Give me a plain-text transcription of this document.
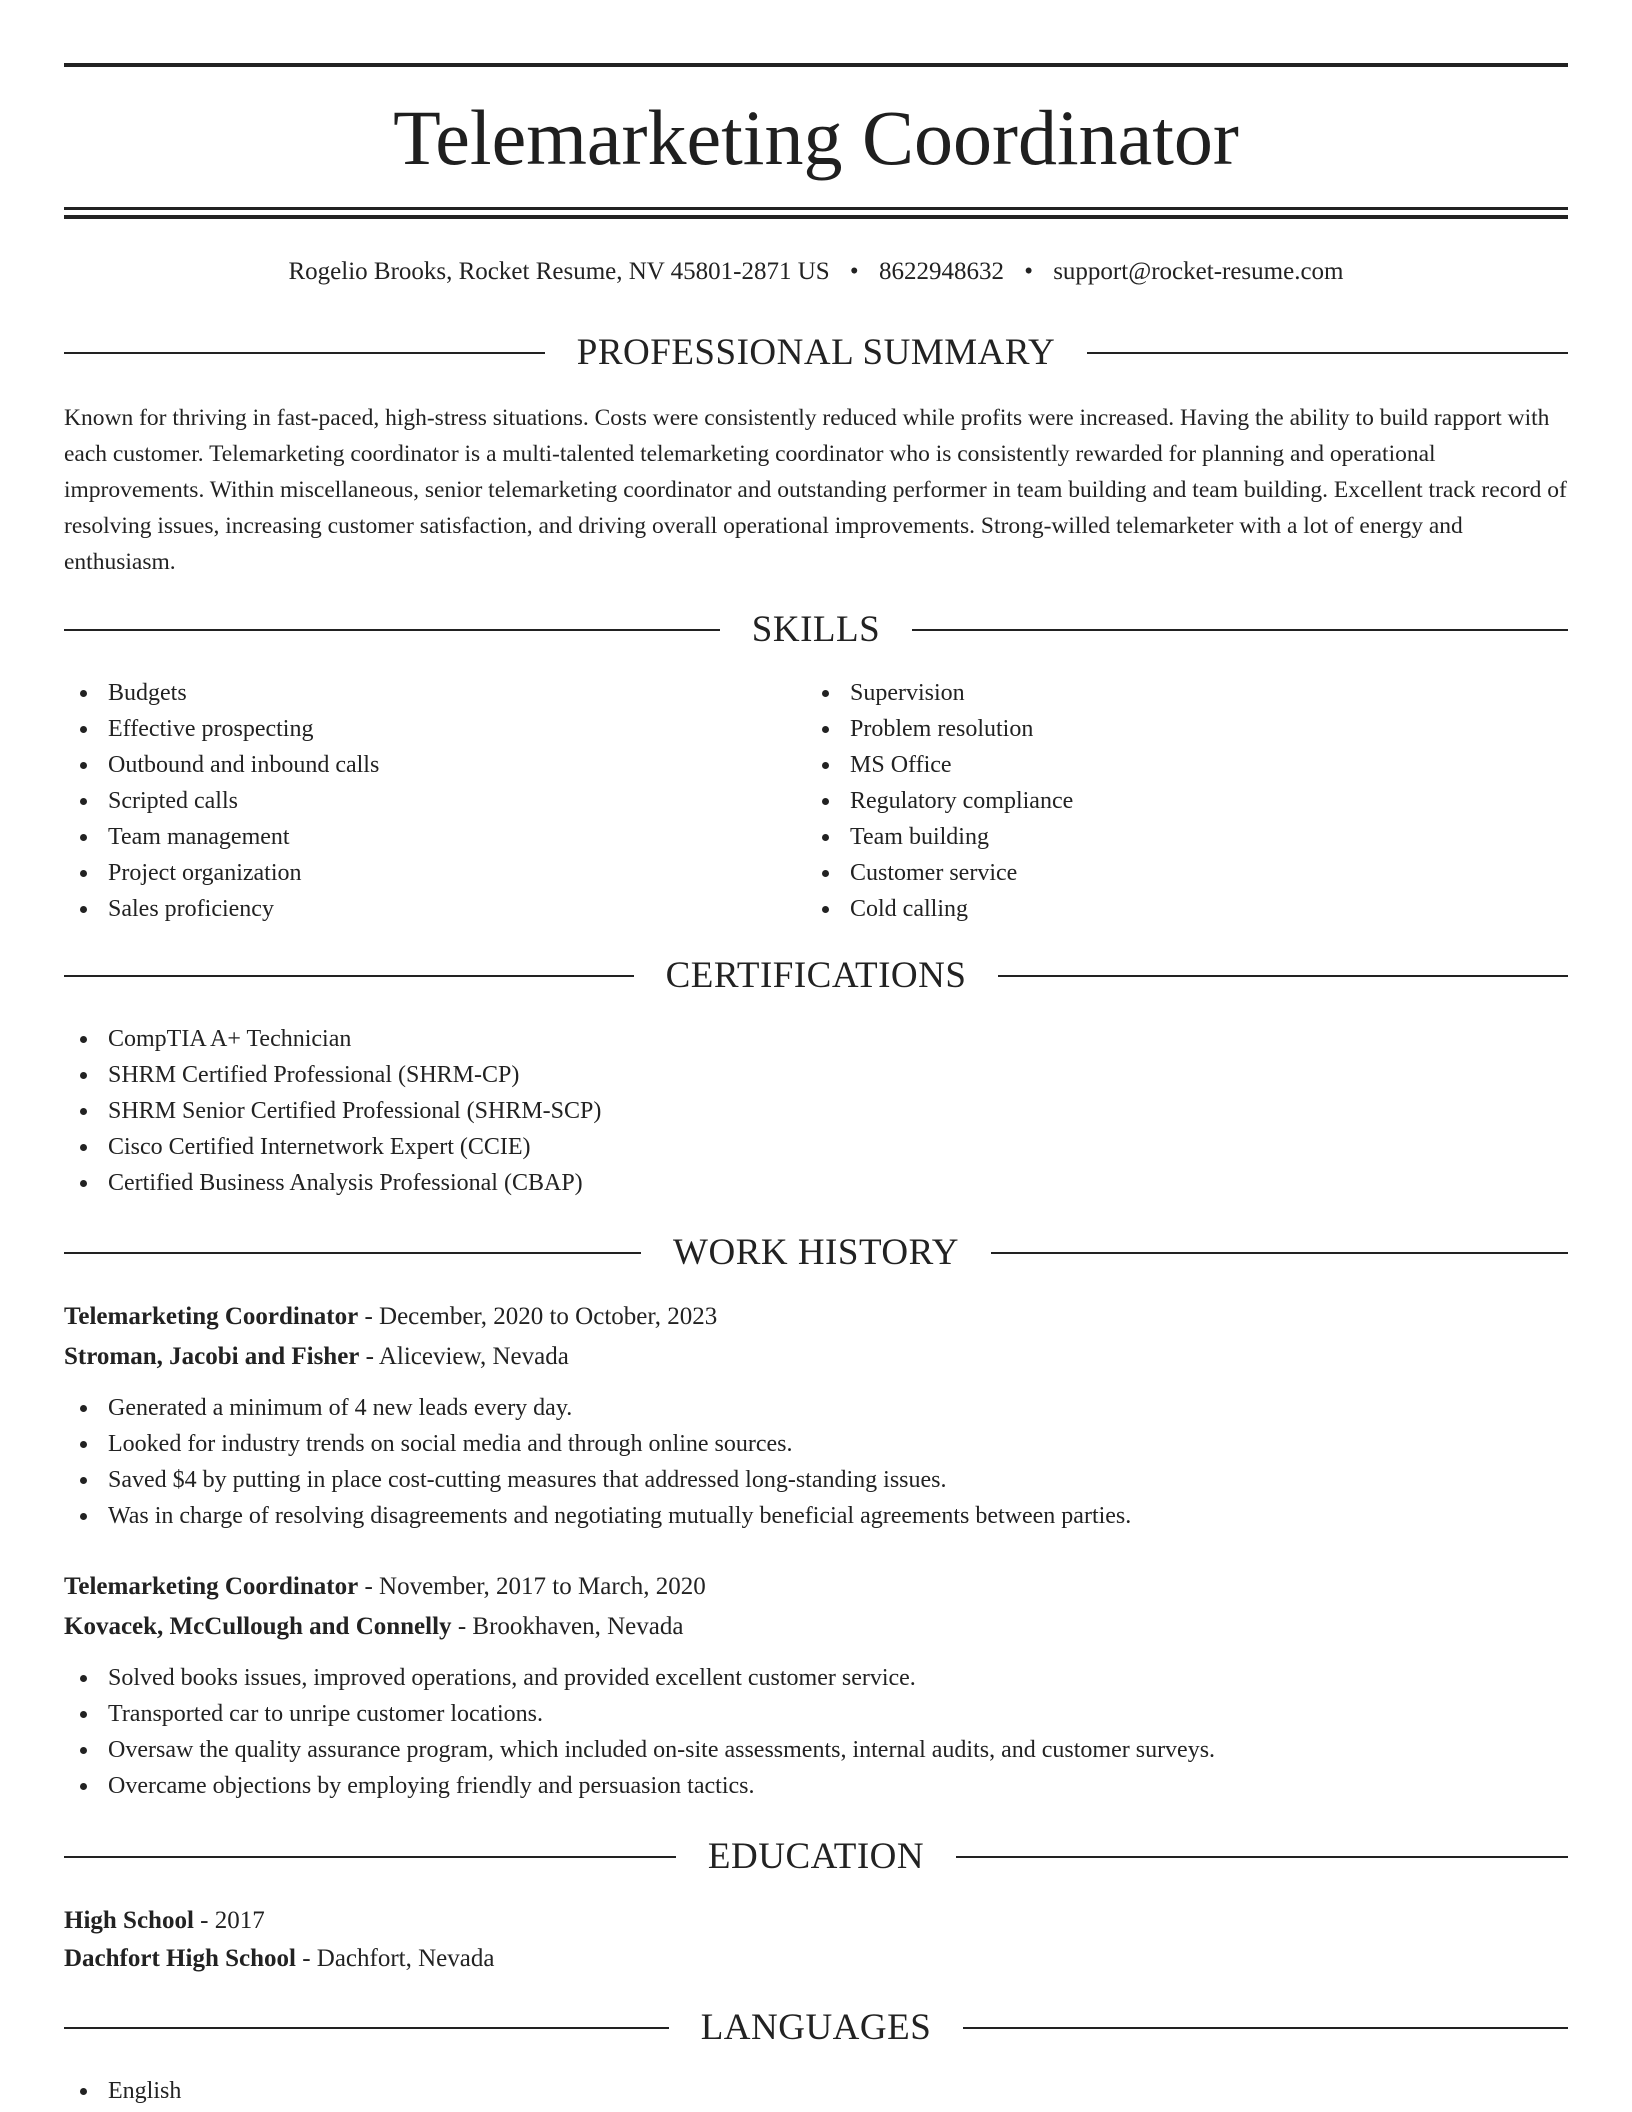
Telemarketing Coordinator
Rogelio Brooks, Rocket Resume, NV 45801-2871 US • 8622948632 • support@rocket-resume.com
PROFESSIONAL SUMMARY

Known for thriving in fast-paced, high-stress situations. Costs were consistently reduced while profits were increased. Having the ability to build rapport with each customer. Telemarketing coordinator is a multi-talented telemarketing coordinator who is consistently rewarded for planning and operational improvements. Within miscellaneous, senior telemarketing coordinator and outstanding performer in team building and team building. Excellent track record of resolving issues, increasing customer satisfaction, and driving overall operational improvements. Strong-willed telemarketer with a lot of energy and enthusiasm.

SKILLS
Budgets
Effective prospecting
Outbound and inbound calls
Scripted calls
Team management
Project organization
Sales proficiency
Supervision
Problem resolution
MS Office
Regulatory compliance
Team building
Customer service
Cold calling
CERTIFICATIONS
CompTIA A+ Technician
SHRM Certified Professional (SHRM-CP)
SHRM Senior Certified Professional (SHRM-SCP)
Cisco Certified Internetwork Expert (CCIE)
Certified Business Analysis Professional (CBAP)
WORK HISTORY
Telemarketing Coordinator - December, 2020 to October, 2023
Stroman, Jacobi and Fisher - Aliceview, Nevada
Generated a minimum of 4 new leads every day.
Looked for industry trends on social media and through online sources.
Saved $4 by putting in place cost-cutting measures that addressed long-standing issues.
Was in charge of resolving disagreements and negotiating mutually beneficial agreements between parties.
Telemarketing Coordinator - November, 2017 to March, 2020
Kovacek, McCullough and Connelly - Brookhaven, Nevada
Solved books issues, improved operations, and provided excellent customer service.
Transported car to unripe customer locations.
Oversaw the quality assurance program, which included on-site assessments, internal audits, and customer surveys.
Overcame objections by employing friendly and persuasion tactics.
EDUCATION
High School - 2017
Dachfort High School - Dachfort, Nevada
LANGUAGES
English
